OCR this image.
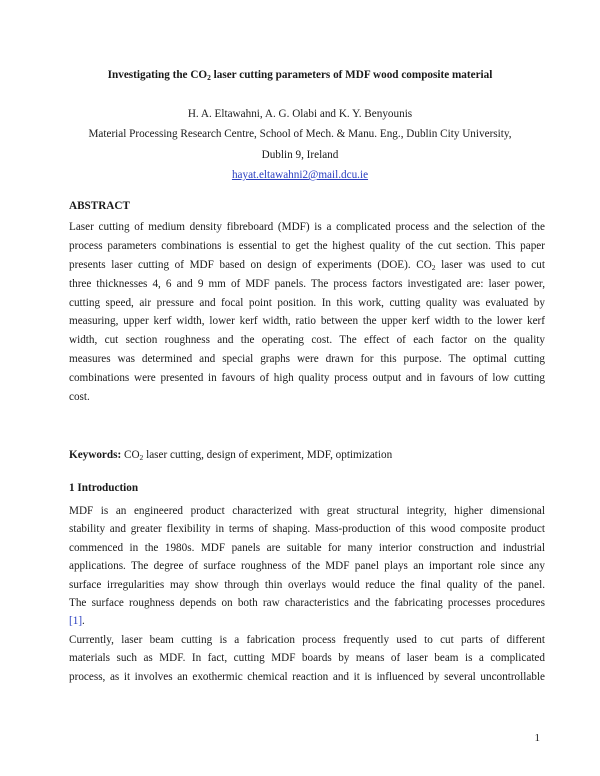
Investigating the $CO_2$ laser cutting parameters of MDF wood composite material
H. A. Eltawahni, A. G. Olabi and K. Y. Benyounis
Material Processing Research Centre, School of Mech. & Manu. Eng., Dublin City University,
Dublin 9, Ireland
hayat.eltawahni2@mail.dcu.ie
ABSTRACT
Laser cutting of medium density fibreboard (MDF) is a complicated process and the selection of the
process parameters combinations is essential to get the highest quality of the cut section. This paper
presents laser cutting of MDF based on design of experiments (DOE). $CO_2$ laser was used to cut
three thicknesses 4, 6 and 9 mm of MDF panels. The process factors investigated are: laser power,
cutting speed, air pressure and focal point position. In this work, cutting quality was evaluated by
measuring, upper kerf width, lower kerf width, ratio between the upper kerf width to the lower kerf
width, cut section roughness and the operating cost. The effect of each factor on the quality
measures was determined and special graphs were drawn for this purpose. The optimal cutting
combinations were presented in favours of high quality process output and in favours of low cutting
cost.
Keywords: $CO_2$ laser cutting, design of experiment, MDF, optimization
1 Introduction
MDF is an engineered product characterized with great structural integrity, higher dimensional
stability and greater flexibility in terms of shaping. Mass-production of this wood composite product
commenced in the 1980s. MDF panels are suitable for many interior construction and industrial
applications. The degree of surface roughness of the MDF panel plays an important role since any
surface irregularities may show through thin overlays would reduce the final quality of the panel.
The surface roughness depends on both raw characteristics and the fabricating processes procedures
[1].
Currently, laser beam cutting is a fabrication process frequently used to cut parts of different
materials such as MDF. In fact, cutting MDF boards by means of laser beam is a complicated
process, as it involves an exothermic chemical reaction and it is influenced by several uncontrollable
1
